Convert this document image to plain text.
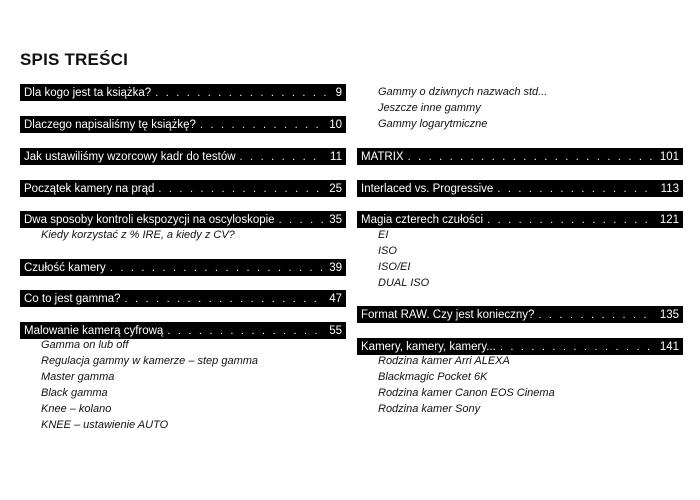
SPIS TREŚCI
Dla kogo jest ta książka? . . .	9
Dlaczego napisaliśmy tę książkę? . . .	10
Jak ustawiliśmy wzorcowy kadr do testów . . .	11
Początek kamery na prąd . . .	25
Dwa sposoby kontroli ekspozycji na oscyloskopie . . .	35
Kiedy korzystać z % IRE, a kiedy z CV?
Czułość kamery . . .	39
Co to jest gamma? . . .	47
Malowanie kamerą cyfrową . . .	55
Gamma on lub off
Regulacja gammy w kamerze – step gamma
Master gamma
Black gamma
Knee – kolano
KNEE – ustawienie AUTO
Gammy o dziwnych nazwach std...
Jeszcze inne gammy
Gammy logarytmiczne
MATRIX . . .	101
Interlaced vs. Progressive . . .	113
Magia czterech czułości . . .	121
EI
ISO
ISO/EI
DUAL ISO
Format RAW. Czy jest konieczny? . . .	135
Kamery, kamery, kamery... . . .	141
Rodzina kamer Arri ALEXA
Blackmagic Pocket 6K
Rodzina kamer Canon EOS Cinema
Rodzina kamer Sony
